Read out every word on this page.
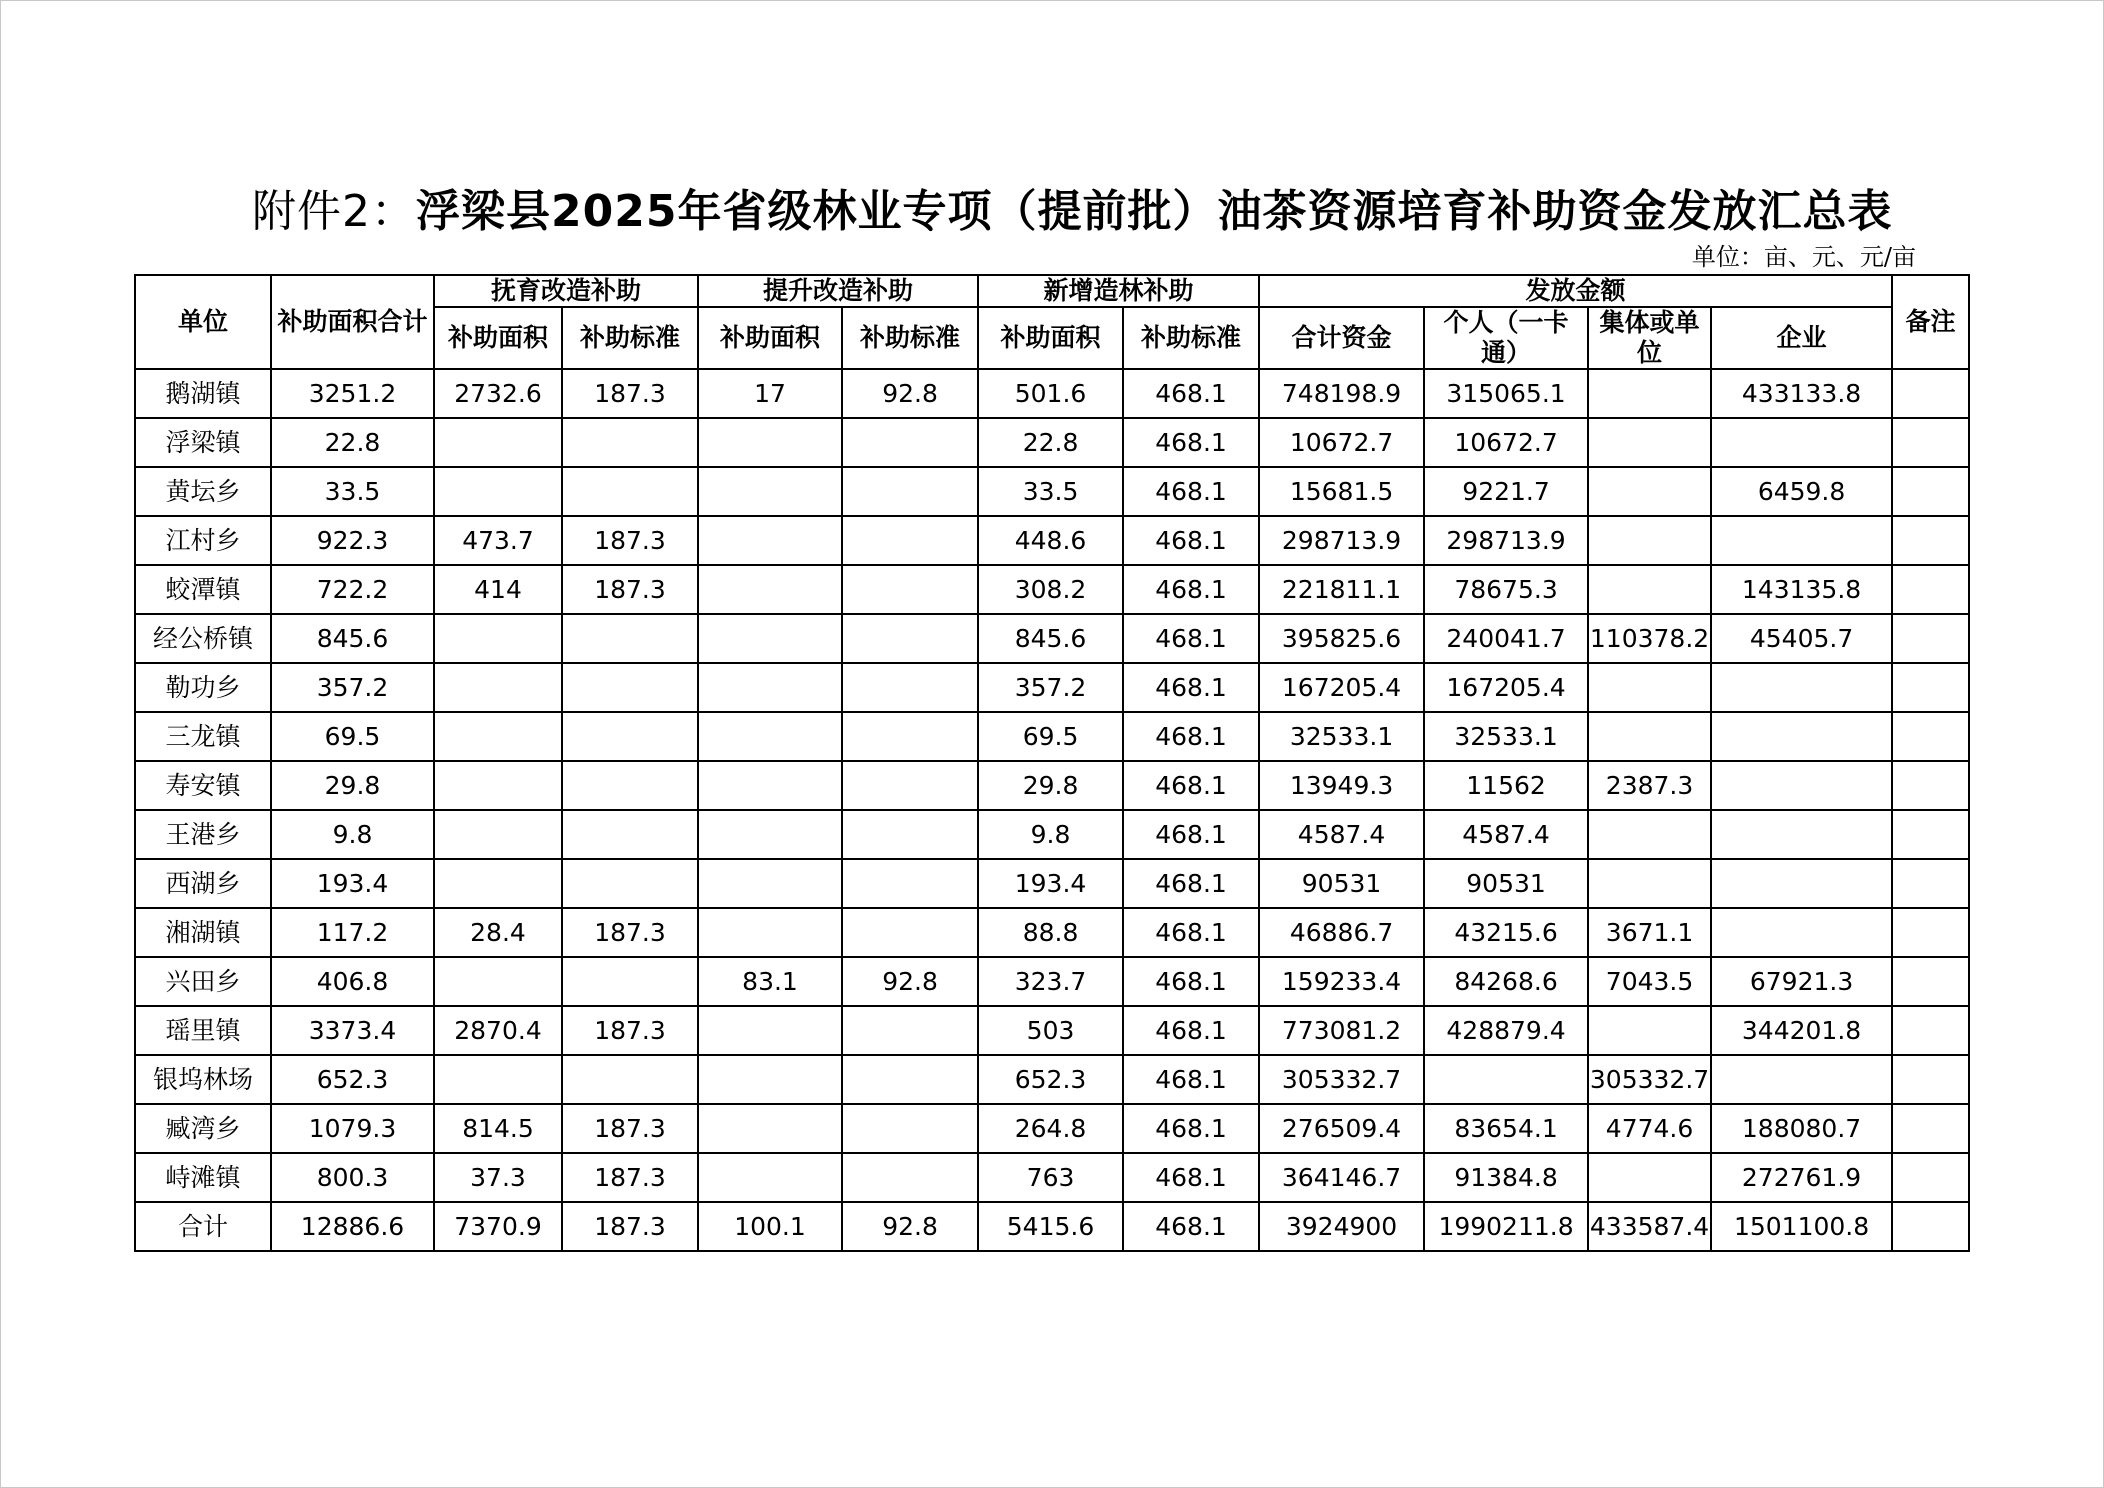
附件2：浮梁县2025年省级林业专项（提前批）油茶资源培育补助资金发放汇总表
单位：亩、元、元/亩
单位	补助面积合计	抚育改造补助		提升改造补助		新增造林补助		发放金额				备注
								合计资金	个人（一卡通）	集体或单位	企业	
		补助面积	补助标准	补助面积	补助标准	补助面积	补助标准					
鹅湖镇	3251.2	2732.6	187.3	17	92.8	501.6	468.1	748198.9	315065.1		433133.8	
浮梁镇	22.8					22.8	468.1	10672.7	10672.7			
黄坛乡	33.5					33.5	468.1	15681.5	9221.7		6459.8	
江村乡	922.3	473.7	187.3			448.6	468.1	298713.9	298713.9			
蛟潭镇	722.2	414	187.3			308.2	468.1	221811.1	78675.3		143135.8	
经公桥镇	845.6					845.6	468.1	395825.6	240041.7	110378.2	45405.7	
勒功乡	357.2					357.2	468.1	167205.4	167205.4			
三龙镇	69.5					69.5	468.1	32533.1	32533.1			
寿安镇	29.8					29.8	468.1	13949.3	11562	2387.3		
王港乡	9.8					9.8	468.1	4587.4	4587.4			
西湖乡	193.4					193.4	468.1	90531	90531			
湘湖镇	117.2	28.4	187.3			88.8	468.1	46886.7	43215.6	3671.1		
兴田乡	406.8			83.1	92.8	323.7	468.1	159233.4	84268.6	7043.5	67921.3	
瑶里镇	3373.4	2870.4	187.3			503	468.1	773081.2	428879.4		344201.8	
银坞林场	652.3					652.3	468.1	305332.7		305332.7		
臧湾乡	1079.3	814.5	187.3			264.8	468.1	276509.4	83654.1	4774.6	188080.7	
峙滩镇	800.3	37.3	187.3			763	468.1	364146.7	91384.8		272761.9	
合计	12886.6	7370.9	187.3	100.1	92.8	5415.6	468.1	3924900	1990211.8	433587.4	1501100.8	
